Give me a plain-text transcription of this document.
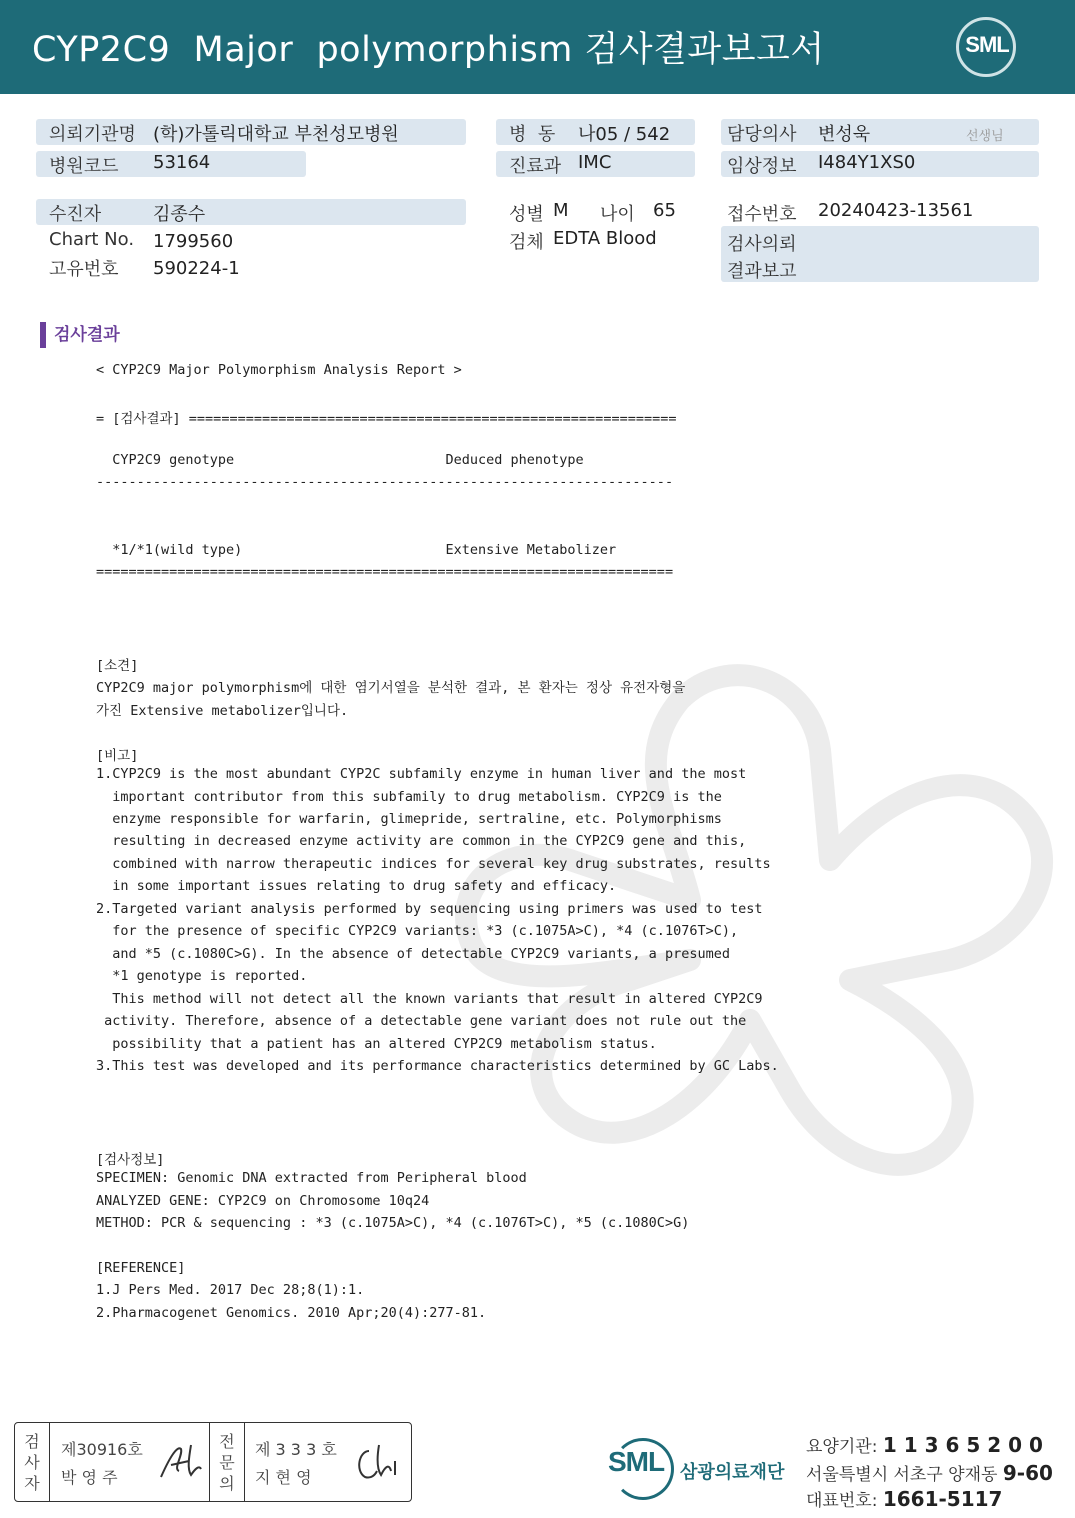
CYP2C9  Major  polymorphism 검사결과보고서	SML
의뢰기관명 (학)가톨릭대학교 부천성모병원
병원코드 53164
수진자	김종수
Chart No. 1799560
고유번호 590224-1
병  동 나05 / 542
진료과 IMC
성별 M 나이 65
검체 EDTA Blood
담당의사 변성욱	선생님
임상정보 I484Y1XS0
접수번호 20240423-13561
검사의뢰
결과보고
검사결과
< CYP2C9 Major Polymorphism Analysis Report >
= [검사결과] ============================================================
CYP2C9 genotype                          Deduced phenotype
-----------------------------------------------------------------------
*1/*1(wild type)                         Extensive Metabolizer
=======================================================================
[소견]
CYP2C9 major polymorphism에 대한 염기서열을 분석한 결과, 본 환자는 정상 유전자형을
가진 Extensive metabolizer입니다.
[비고]
1.CYP2C9 is the most abundant CYP2C subfamily enzyme in human liver and the most
important contributor from this subfamily to drug metabolism. CYP2C9 is the
enzyme responsible for warfarin, glimepride, sertraline, etc. Polymorphisms
resulting in decreased enzyme activity are common in the CYP2C9 gene and this,
combined with narrow therapeutic indices for several key drug substrates, results
in some important issues relating to drug safety and efficacy.
2.Targeted variant analysis performed by sequencing using primers was used to test
for the presence of specific CYP2C9 variants: *3 (c.1075A>C), *4 (c.1076T>C),
and *5 (c.1080C>G). In the absence of detectable CYP2C9 variants, a presumed
*1 genotype is reported.
This method will not detect all the known variants that result in altered CYP2C9
activity. Therefore, absence of a detectable gene variant does not rule out the
possibility that a patient has an altered CYP2C9 metabolism status.
3.This test was developed and its performance characteristics determined by GC Labs.
[검사정보]
SPECIMEN: Genomic DNA extracted from Peripheral blood
ANALYZED GENE: CYP2C9 on Chromosome 10q24
METHOD: PCR & sequencing : *3 (c.1075A>C), *4 (c.1076T>C), *5 (c.1080C>G)
[REFERENCE]
1.J Pers Med. 2017 Dec 28;8(1):1.
2.Pharmacogenet Genomics. 2010 Apr;20(4):277-81.
검사자
제30916호
박 영 주
전문의
제 3 3 3 호
지 현 영
SML 삼광의료재단
요양기관: 1 1 3 6 5 2 0 0
서울특별시 서초구 양재동 9-60
대표번호: 1661-5117
